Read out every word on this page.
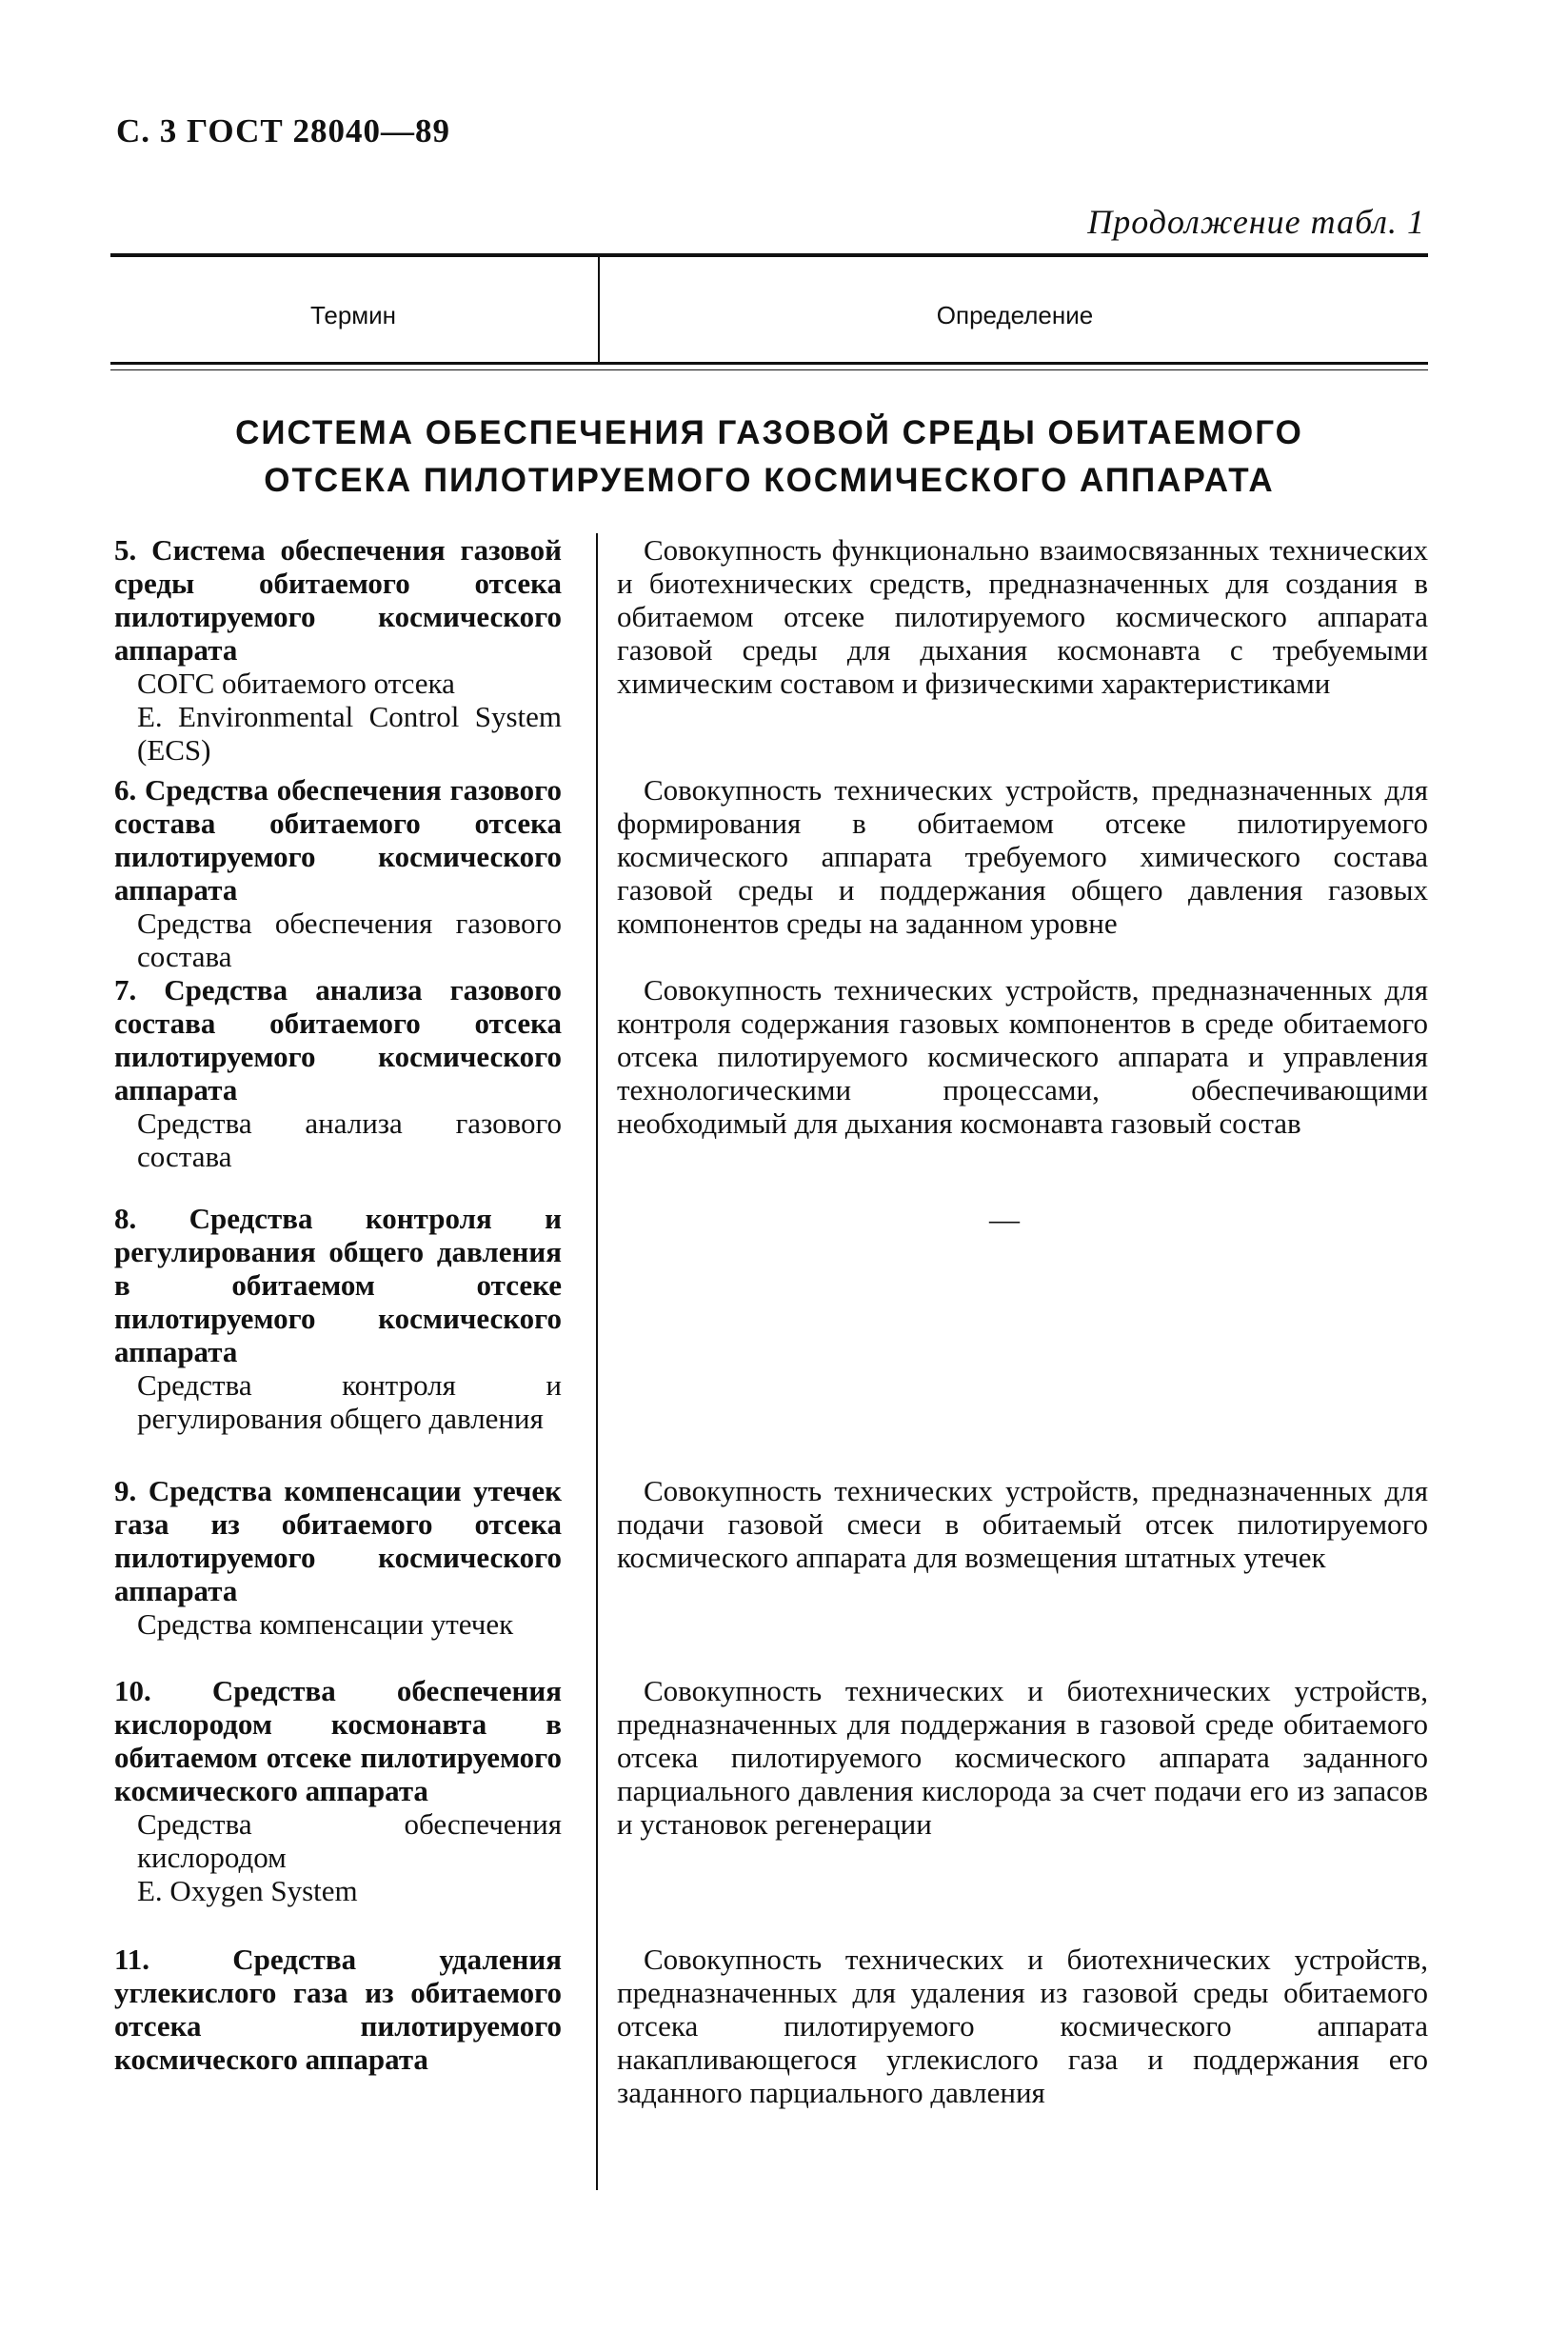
С. 3 ГОСТ 28040—89
Продолжение табл. 1
Термин	Определение
СИСТЕМА ОБЕСПЕЧЕНИЯ ГАЗОВОЙ СРЕДЫ ОБИТАЕМОГО
ОТСЕКА ПИЛОТИРУЕМОГО КОСМИЧЕСКОГО АППАРАТА
5. Система обеспечения газовой среды обитаемого отсека пилотируемого космического аппарата
СОГС обитаемого отсека
E. Environmental Control System (ECS)
Совокупность функционально взаимосвязанных технических и биотехнических средств, предназначенных для создания в обитаемом отсеке пилотируемого космического аппарата газовой среды для дыхания космонавта с требуемыми химическим составом и физическими характеристиками
6. Средства обеспечения газового состава обитаемого отсека пилотируемого космического аппарата
Средства обеспечения газового состава
Совокупность технических устройств, предназначенных для формирования в обитаемом отсеке пилотируемого космического аппарата требуемого химического состава газовой среды и поддержания общего давления газовых компонентов среды на заданном уровне
7. Средства анализа газового состава обитаемого отсека пилотируемого космического аппарата
Средства анализа газового состава
Совокупность технических устройств, предназначенных для контроля содержания газовых компонентов в среде обитаемого отсека пилотируемого космического аппарата и управления технологическими процессами, обеспечивающими необходимый для дыхания космонавта газовый состав
8. Средства контроля и регулирования общего давления в обитаемом отсеке пилотируемого космического аппарата
Средства контроля и регулирования общего давления
—
9. Средства компенсации утечек газа из обитаемого отсека пилотируемого космического аппарата
Средства компенсации утечек
Совокупность технических устройств, предназначенных для подачи газовой смеси в обитаемый отсек пилотируемого космического аппарата для возмещения штатных утечек
10. Средства обеспечения кислородом космонавта в обитаемом отсеке пилотируемого космического аппарата
Средства обеспечения кислородом
E. Oxygen System
Совокупность технических и биотехнических устройств, предназначенных для поддержания в газовой среде обитаемого отсека пилотируемого космического аппарата заданного парциального давления кислорода за счет подачи его из запасов и установок регенерации
11. Средства удаления углекислого газа из обитаемого отсека пилотируемого космического аппарата
Совокупность технических и биотехнических устройств, предназначенных для удаления из газовой среды обитаемого отсека пилотируемого космического аппарата накапливающегося углекислого газа и поддержания его заданного парциального давления
